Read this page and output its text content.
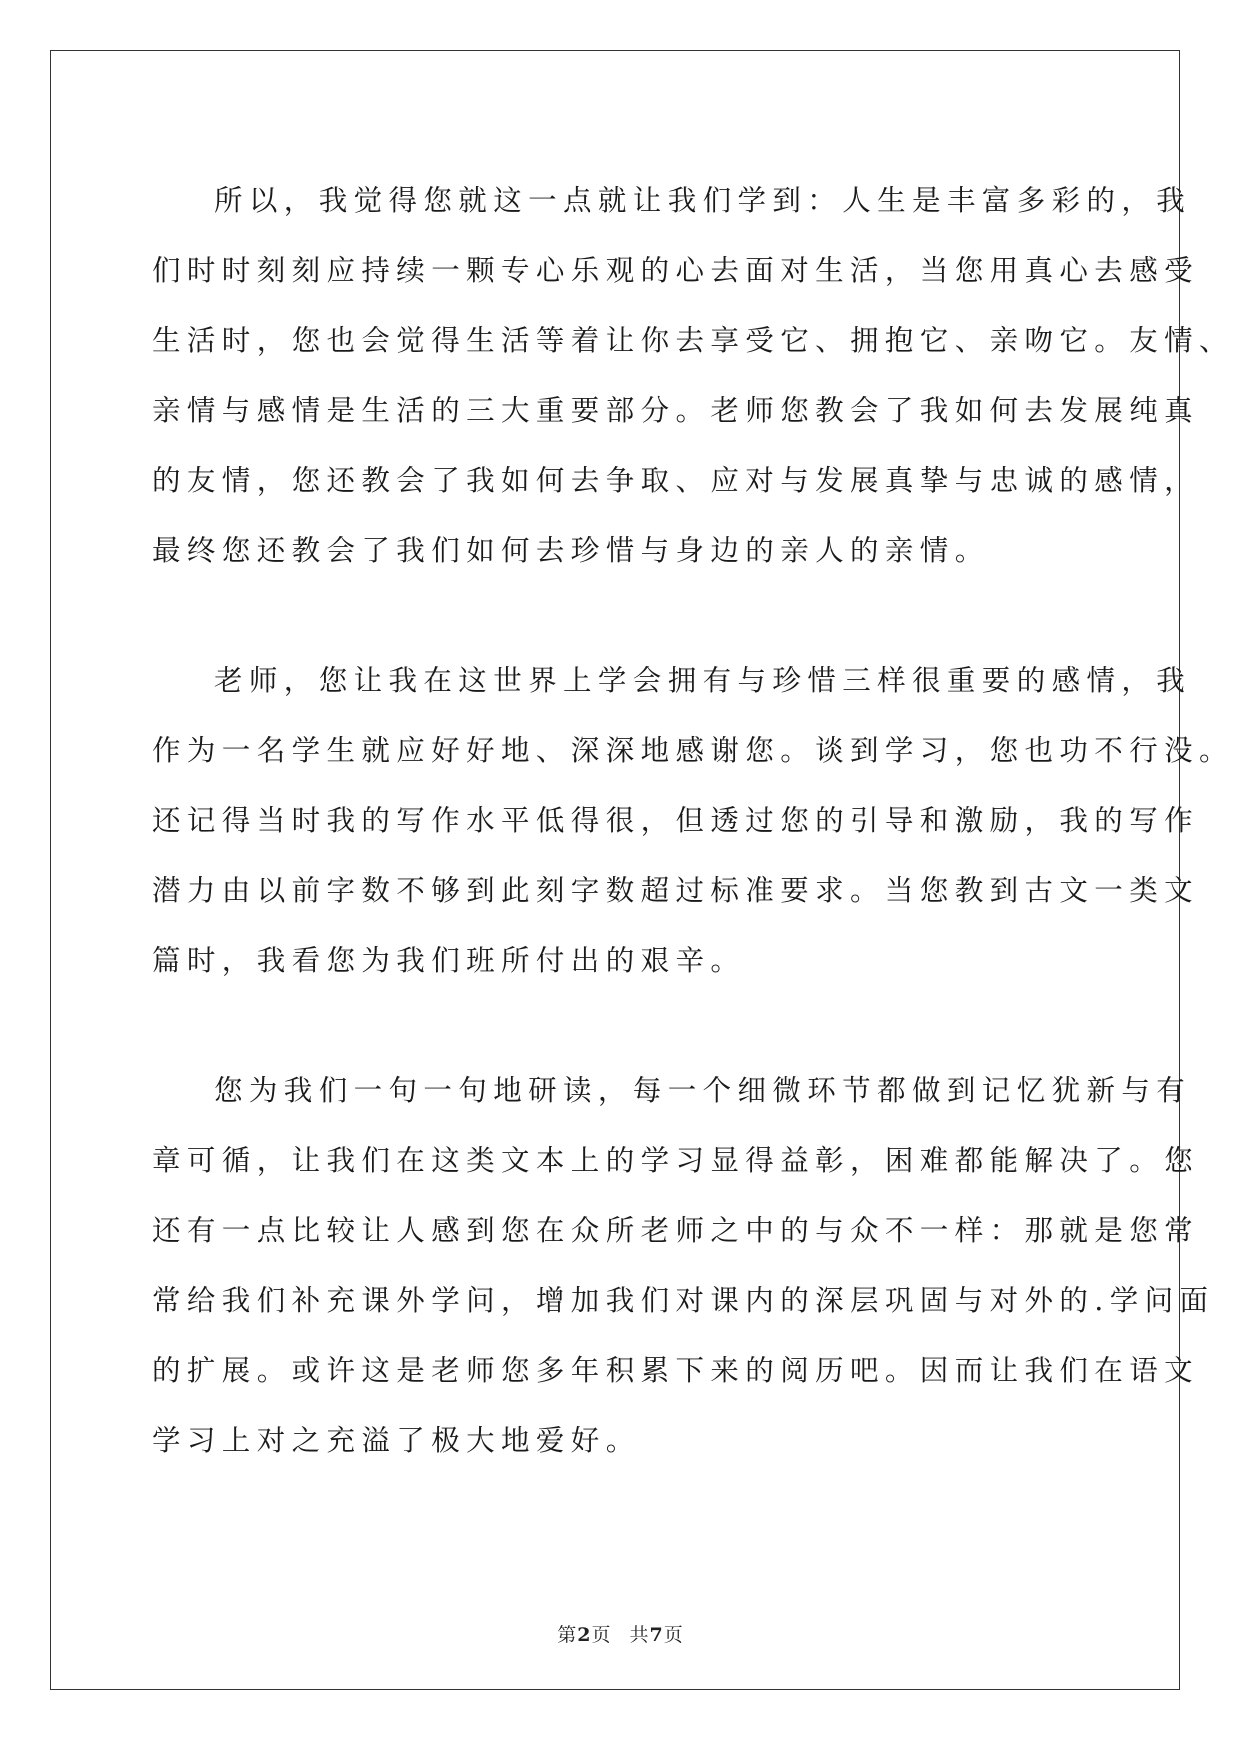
所以，我觉得您就这一点就让我们学到：人生是丰富多彩的，我
们时时刻刻应持续一颗专心乐观的心去面对生活，当您用真心去感受
生活时，您也会觉得生活等着让你去享受它、拥抱它、亲吻它。友情、
亲情与感情是生活的三大重要部分。老师您教会了我如何去发展纯真
的友情，您还教会了我如何去争取、应对与发展真挚与忠诚的感情，
最终您还教会了我们如何去珍惜与身边的亲人的亲情。
老师，您让我在这世界上学会拥有与珍惜三样很重要的感情，我
作为一名学生就应好好地、深深地感谢您。谈到学习，您也功不行没。
还记得当时我的写作水平低得很，但透过您的引导和激励，我的写作
潜力由以前字数不够到此刻字数超过标准要求。当您教到古文一类文
篇时，我看您为我们班所付出的艰辛。
您为我们一句一句地研读，每一个细微环节都做到记忆犹新与有
章可循，让我们在这类文本上的学习显得益彰，困难都能解决了。您
还有一点比较让人感到您在众所老师之中的与众不一样：那就是您常
常给我们补充课外学问，增加我们对课内的深层巩固与对外的.学问面
的扩展。或许这是老师您多年积累下来的阅历吧。因而让我们在语文
学习上对之充溢了极大地爱好。
第2页 共7页
